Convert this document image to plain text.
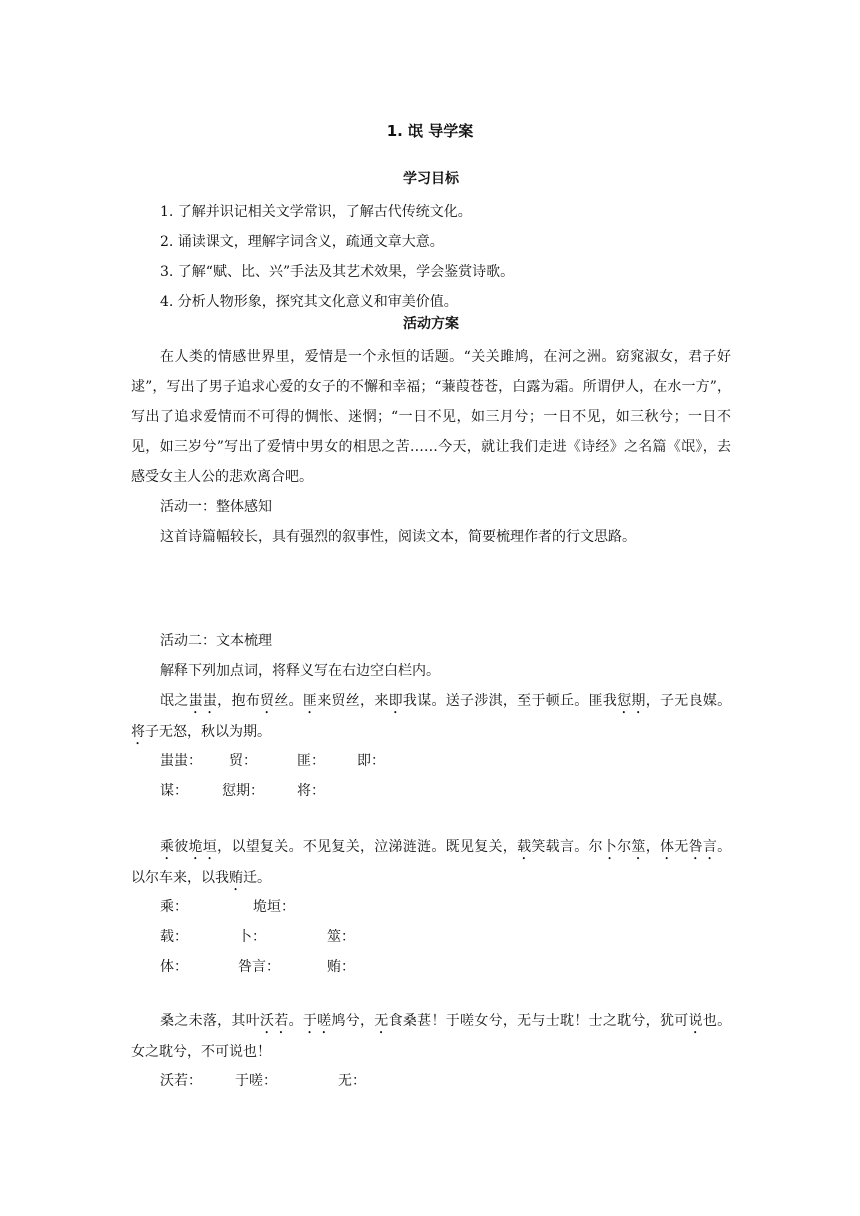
1. 氓 导学案
学习目标
1. 了解并识记相关文学常识，了解古代传统文化。
2. 诵读课文，理解字词含义，疏通文章大意。
3. 了解“赋、比、兴”手法及其艺术效果，学会鉴赏诗歌。
4. 分析人物形象，探究其文化意义和审美价值。
活动方案
在人类的情感世界里，爱情是一个永恒的话题。“关关雎鸠，在河之洲。窈窕淑女，君子好逑”，写出了男子追求心爱的女子的不懈和幸福；“蒹葭苍苍，白露为霜。所谓伊人，在水一方”，写出了追求爱情而不可得的惆怅、迷惘；“一日不见，如三月兮；一日不见，如三秋兮；一日不见，如三岁兮”写出了爱情中男女的相思之苦……今天，就让我们走进《诗经》之名篇《氓》，去感受女主人公的悲欢离合吧。
活动一：整体感知
这首诗篇幅较长，具有强烈的叙事性，阅读文本，简要梳理作者的行文思路。
活动二：文本梳理
解释下列加点词，将释义写在右边空白栏内。
氓之蚩蚩，抱布贸丝。匪来贸丝，来即我谋。送子涉淇，至于顿丘。匪我愆期，子无良媒。将子无怒，秋以为期。
蚩蚩： 贸：	匪： 即：
谋： 愆期： 将：
乘彼垝垣，以望复关。不见复关，泣涕涟涟。既见复关，载笑载言。尔卜尔筮，体无咎言。以尔车来，以我贿迁。
乘：	垝垣：
载：	卜：	筮：
体：	咎言：	贿：
桑之未落，其叶沃若。于嗟鸠兮，无食桑葚！于嗟女兮，无与士耽！士之耽兮，犹可说也。女之耽兮，不可说也！
沃若： 于嗟：	无：
